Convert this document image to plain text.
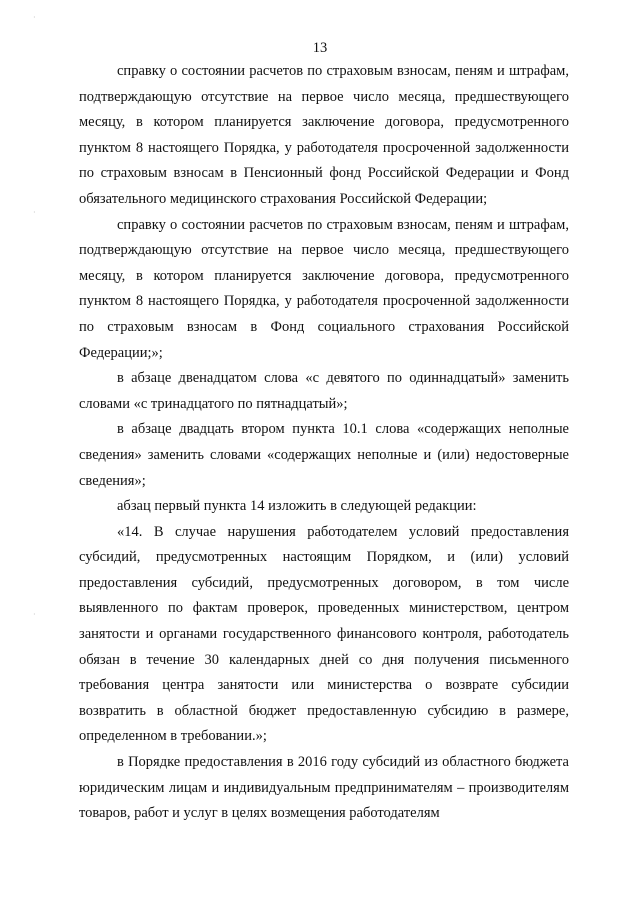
13
·
·
·

справку о состоянии расчетов по страховым взносам, пеням и штрафам, подтверждающую отсутствие на первое число месяца, предшествующего месяцу, в котором планируется заключение договора, предусмотренного пунктом 8 настоящего Порядка, у работодателя просроченной задолженности по страховым взносам в Пенсионный фонд Российской Федерации и Фонд обязательного медицинского страхования Российской Федерации;

справку о состоянии расчетов по страховым взносам, пеням и штрафам, подтверждающую отсутствие на первое число месяца, предшествующего месяцу, в котором планируется заключение договора, предусмотренного пунктом 8 настоящего Порядка, у работодателя просроченной задолженности по страховым взносам в Фонд социального страхования Российской Федерации;»;

в абзаце двенадцатом слова «с девятого по одиннадцатый» заменить словами «с тринадцатого по пятнадцатый»;

в абзаце двадцать втором пункта 10.1 слова «содержащих неполные сведения» заменить словами «содержащих неполные и (или) недостоверные сведения»;

абзац первый пункта 14 изложить в следующей редакции:

«14. В случае нарушения работодателем условий предоставления субсидий, предусмотренных настоящим Порядком, и (или) условий предоставления субсидий, предусмотренных договором, в том числе выявленного по фактам проверок, проведенных министерством, центром занятости и органами государственного финансового контроля, работодатель обязан в течение 30 календарных дней со дня получения письменного требования центра занятости или министерства о возврате субсидии возвратить в областной бюджет предоставленную субсидию в размере, определенном в требовании.»;

в Порядке предоставления в 2016 году субсидий из областного бюджета юридическим лицам и индивидуальным предпринимателям – производителям товаров, работ и услуг в целях возмещения работодателям
